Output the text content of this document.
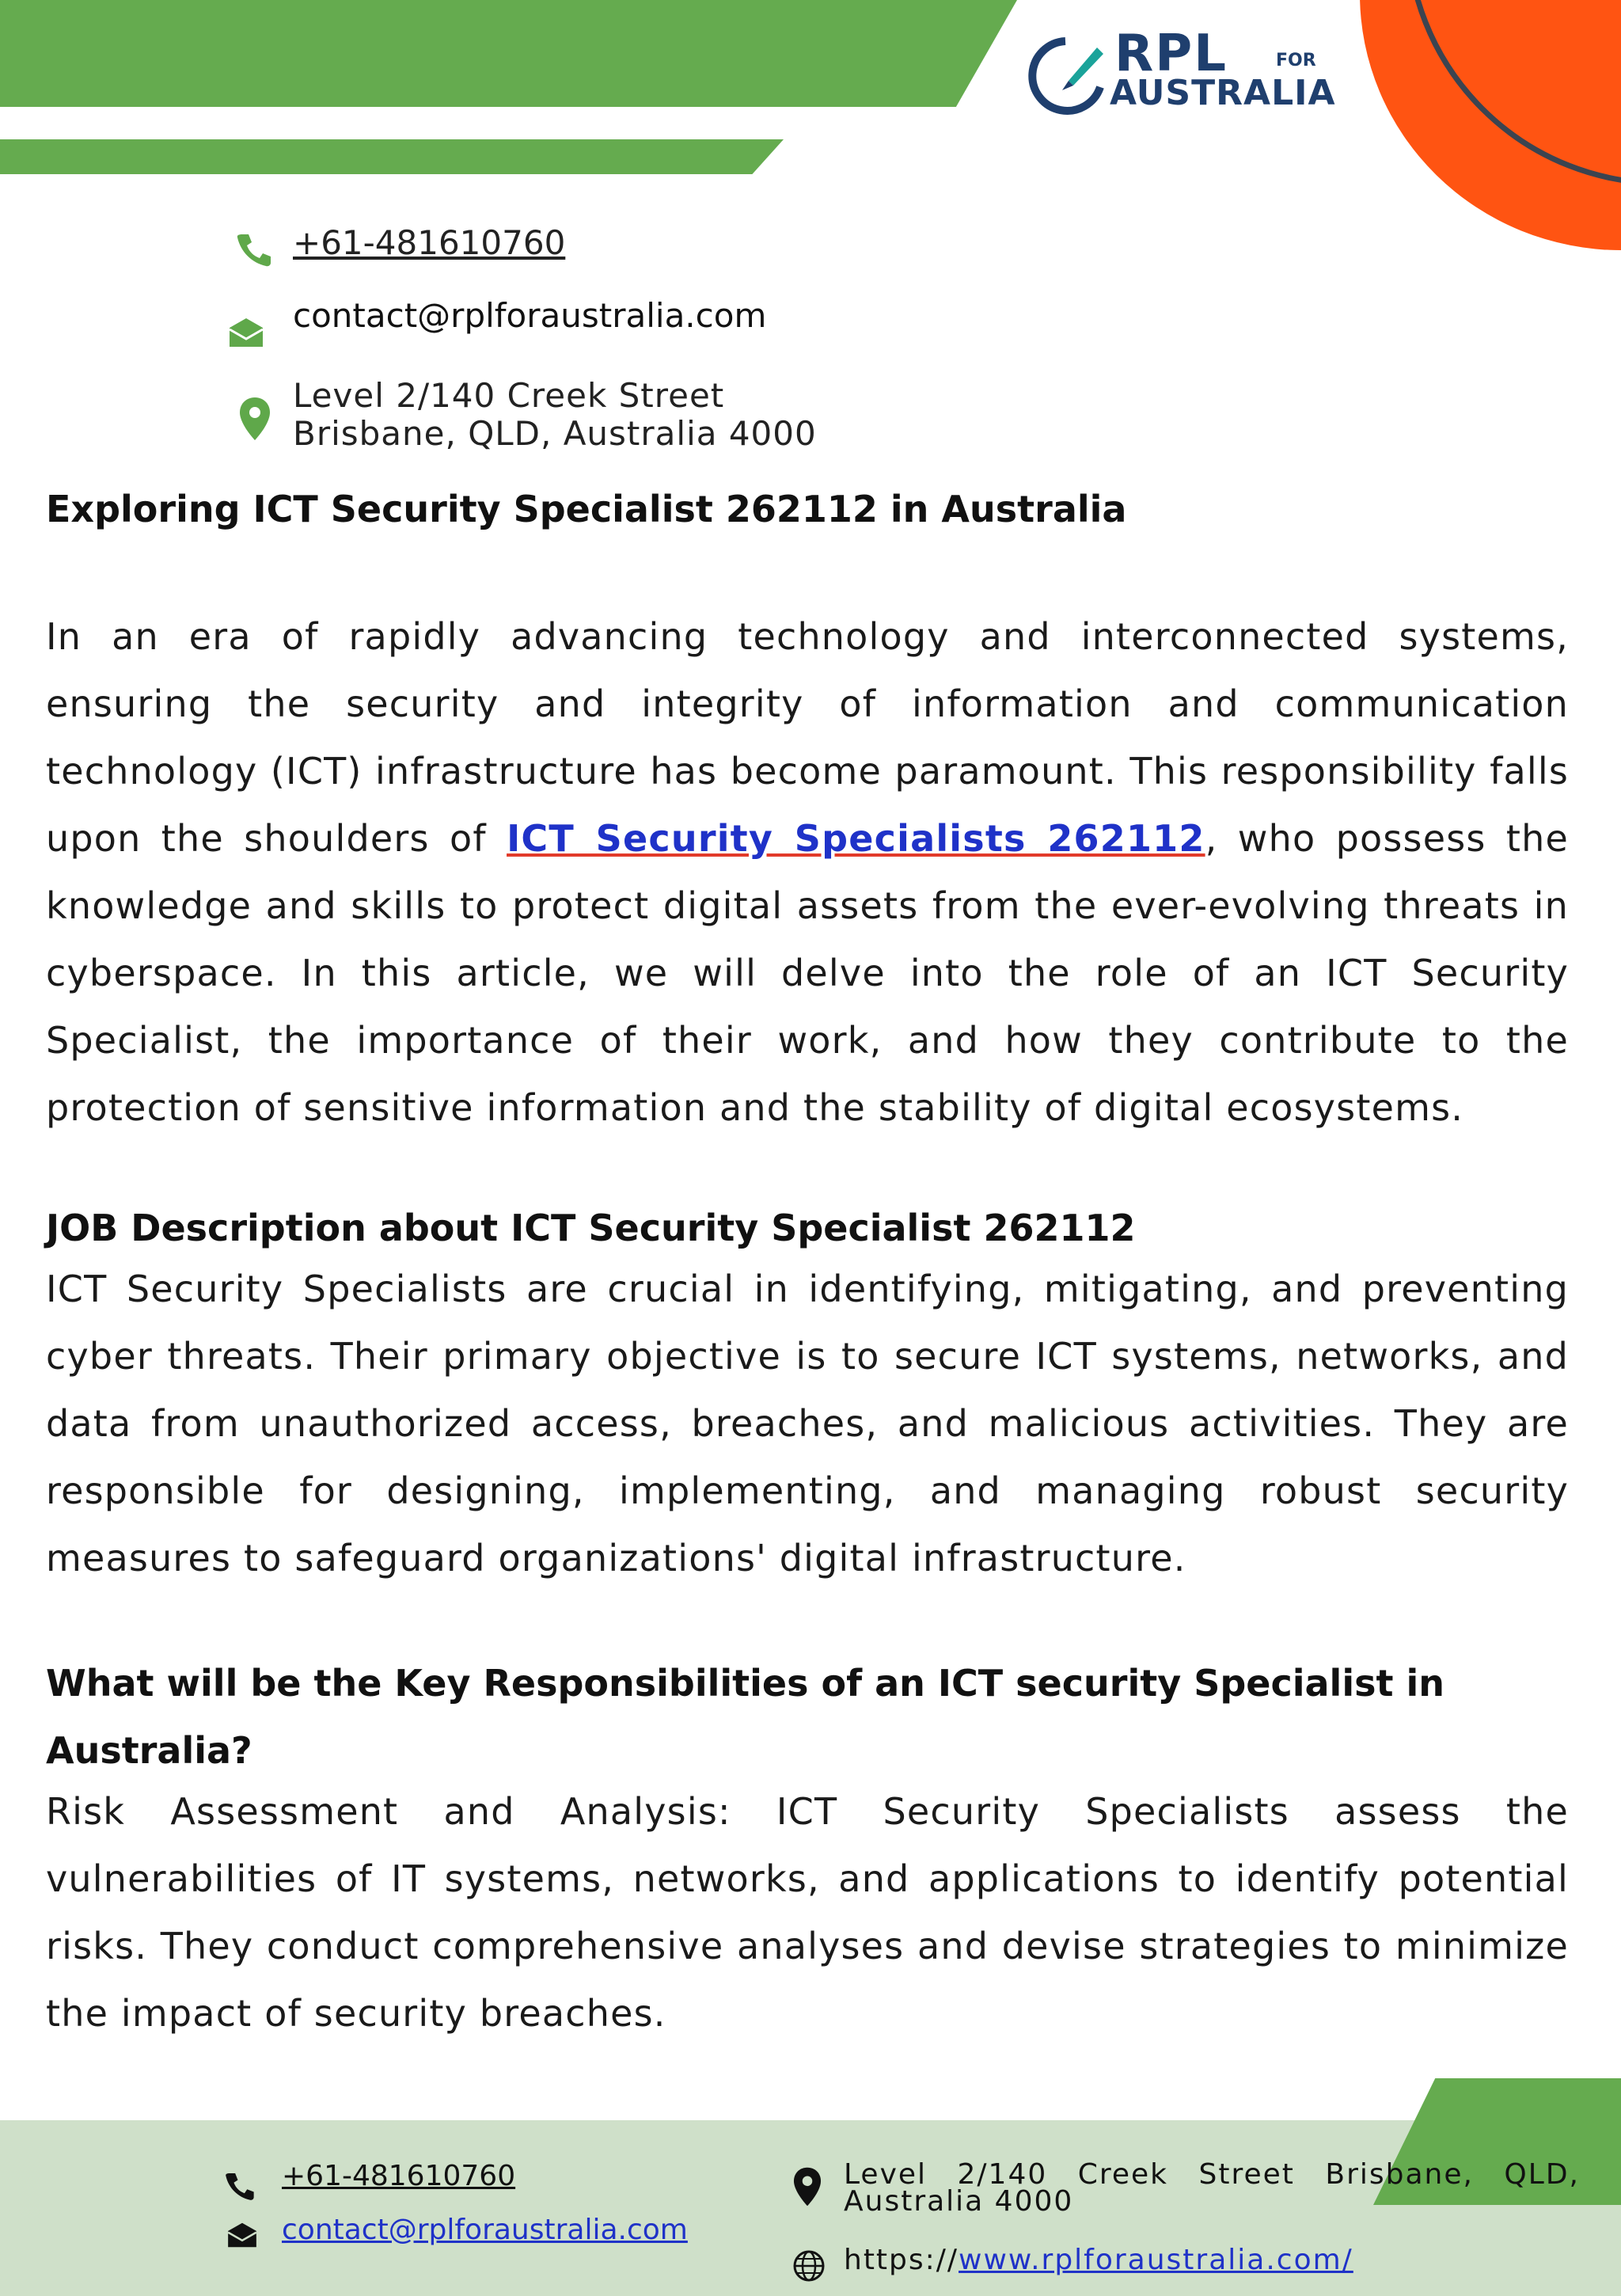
RPL	FOR
AUSTRALIA
+61-481610760
contact@rplforaustralia.com
Level 2/140 Creek Street
Brisbane, QLD, Australia 4000
Exploring ICT Security Specialist 262112 in Australia
In an era of rapidly advancing technology and interconnected systems, ensuring the security and integrity of information and communication technology (ICT) infrastructure has become paramount. This responsibility falls upon the shoulders of ICT Security Specialists 262112, who possess the knowledge and skills to protect digital assets from the ever-evolving threats in cyberspace. In this article, we will delve into the role of an ICT Security Specialist, the importance of their work, and how they contribute to the protection of sensitive information and the stability of digital ecosystems.
JOB Description about ICT Security Specialist 262112
ICT Security Specialists are crucial in identifying, mitigating, and preventing cyber threats. Their primary objective is to secure ICT systems, networks, and data from unauthorized access, breaches, and malicious activities. They are responsible for designing, implementing, and managing robust security measures to safeguard organizations' digital infrastructure.
What will be the Key Responsibilities of an ICT security Specialist in Australia?
Risk Assessment and Analysis: ICT Security Specialists assess the vulnerabilities of IT systems, networks, and applications to identify potential risks. They conduct comprehensive analyses and devise strategies to minimize the impact of security breaches.
+61-481610760
contact@rplforaustralia.com
Level 2/140 Creek Street Brisbane, QLD, Australia 4000
https://www.rplforaustralia.com/
